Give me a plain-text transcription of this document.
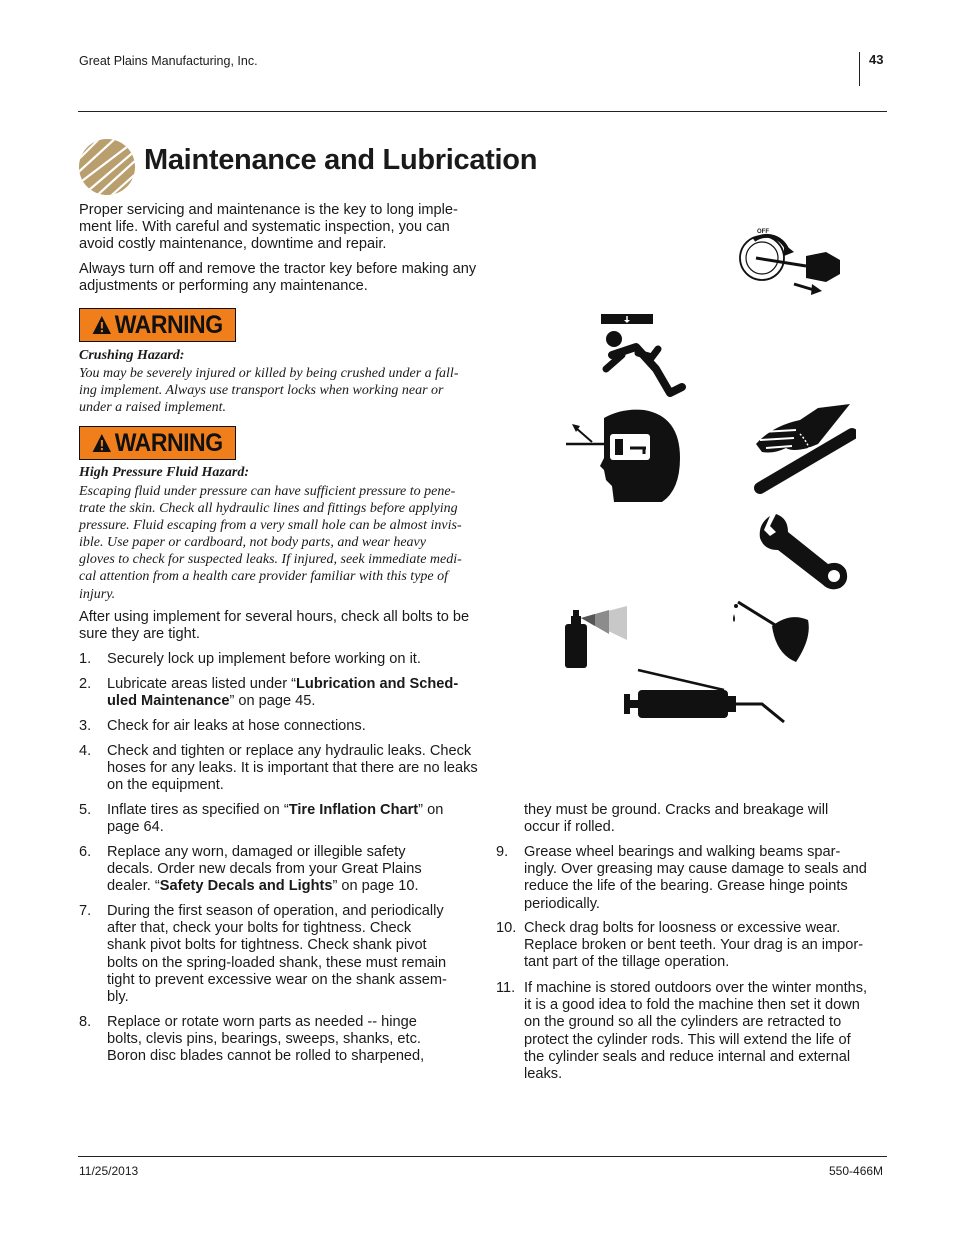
Great Plains Manufacturing, Inc.	43
Maintenance and Lubrication
Proper servicing and maintenance is the key to long imple-
ment life. With careful and systematic inspection, you can
avoid costly maintenance, downtime and repair.
Always turn off and remove the tractor key before making any
adjustments or performing any maintenance.
WARNING
Crushing Hazard:
You may be severely injured or killed by being crushed under a fall-
ing implement. Always use transport locks when working near or
under a raised implement.
WARNING
High Pressure Fluid Hazard:
Escaping fluid under pressure can have sufficient pressure to pene-
trate the skin. Check all hydraulic lines and fittings before applying
pressure. Fluid escaping from a very small hole can be almost invis-
ible. Use paper or cardboard, not body parts, and wear heavy
gloves to check for suspected leaks. If injured, seek immediate medi-
cal attention from a health care provider familiar with this type of
injury.
After using implement for several hours, check all bolts to be
sure they are tight.
1. Securely lock up implement before working on it.
2. Lubricate areas listed under “Lubrication and Sched-
uled Maintenance” on page 45.
3. Check for air leaks at hose connections.
4. Check and tighten or replace any hydraulic leaks. Check
hoses for any leaks. It is important that there are no leaks
on the equipment.
5. Inflate tires as specified on “Tire Inflation Chart” on
page 64.
6. Replace any worn, damaged or illegible safety
decals. Order new decals from your Great Plains
dealer. “Safety Decals and Lights” on page 10.
7. During the first season of operation, and periodically
after that, check your bolts for tightness. Check
shank pivot bolts for tightness. Check shank pivot
bolts on the spring-loaded shank, these must remain
tight to prevent excessive wear on the shank assem-
bly.
8. Replace or rotate worn parts as needed -- hinge
bolts, clevis pins, bearings, sweeps, shanks, etc.
Boron disc blades cannot be rolled to sharpened,
they must be ground. Cracks and breakage will
occur if rolled.
9. Grease wheel bearings and walking beams spar-
ingly. Over greasing may cause damage to seals and
reduce the life of the bearing. Grease hinge points
periodically.
10. Check drag bolts for loosness or excessive wear.
Replace broken or bent teeth. Your drag is an impor-
tant part of the tillage operation.
11. If machine is stored outdoors over the winter months,
it is a good idea to fold the machine then set it down
on the ground so all the cylinders are retracted to
protect the cylinder rods. This will extend the life of
the cylinder seals and reduce internal and external
leaks.
OFF
11/25/2013	550-466M
